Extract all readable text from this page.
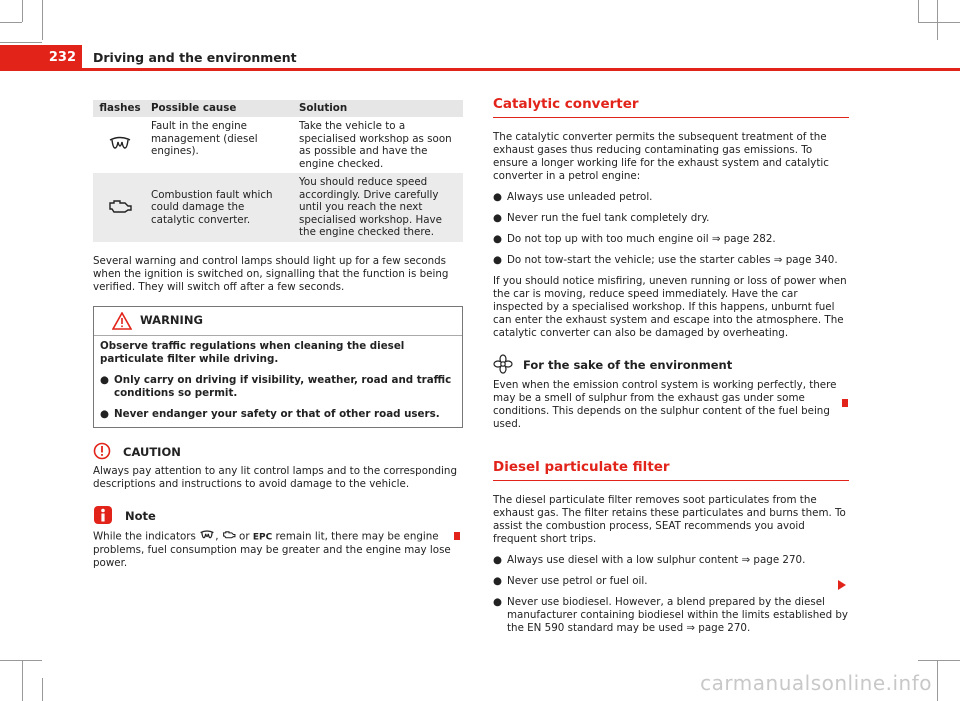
232	Driving and the environment
flashes	Possible cause	Solution
	Fault in the engine management (diesel engines).	Take the vehicle to a specialised workshop as soon as possible and have the engine checked.
	Combustion fault which could damage the catalytic converter.	You should reduce speed accordingly. Drive carefully until you reach the next specialised workshop. Have the engine checked there.

Several warning and control lamps should light up for a few seconds when the ignition is switched on, signalling that the function is being verified. They will switch off after a few seconds.

WARNING

Observe traffic regulations when cleaning the diesel particulate filter while driving.

● Only carry on driving if visibility, weather, road and traffic conditions so permit.
● Never endanger your safety or that of other road users.
CAUTION

Always pay attention to any lit control lamps and to the corresponding descriptions and instructions to avoid damage to the vehicle.

Note

While the indicators , or EPC remain lit, there may be engine problems, fuel consumption may be greater and the engine may lose power.

Catalytic converter

The catalytic converter permits the subsequent treatment of the exhaust gases thus reducing contaminating gas emissions. To ensure a longer working life for the exhaust system and catalytic converter in a petrol engine:

● Always use unleaded petrol.
● Never run the fuel tank completely dry.
● Do not top up with too much engine oil ⇒ page 282.
● Do not tow-start the vehicle; use the starter cables ⇒ page 340.

If you should notice misfiring, uneven running or loss of power when the car is moving, reduce speed immediately. Have the car inspected by a specialised workshop. If this happens, unburnt fuel can enter the exhaust system and escape into the atmosphere. The catalytic converter can also be damaged by overheating.

For the sake of the environment

Even when the emission control system is working perfectly, there may be a smell of sulphur from the exhaust gas under some conditions. This depends on the sulphur content of the fuel being used.

Diesel particulate filter

The diesel particulate filter removes soot particulates from the exhaust gas. The filter retains these particulates and burns them. To assist the combustion process, SEAT recommends you avoid frequent short trips.

● Always use diesel with a low sulphur content ⇒ page 270.
● Never use petrol or fuel oil.
● Never use biodiesel. However, a blend prepared by the diesel manufacturer containing biodiesel within the limits established by the EN 590 standard may be used ⇒ page 270.
carmanualsonline.info
